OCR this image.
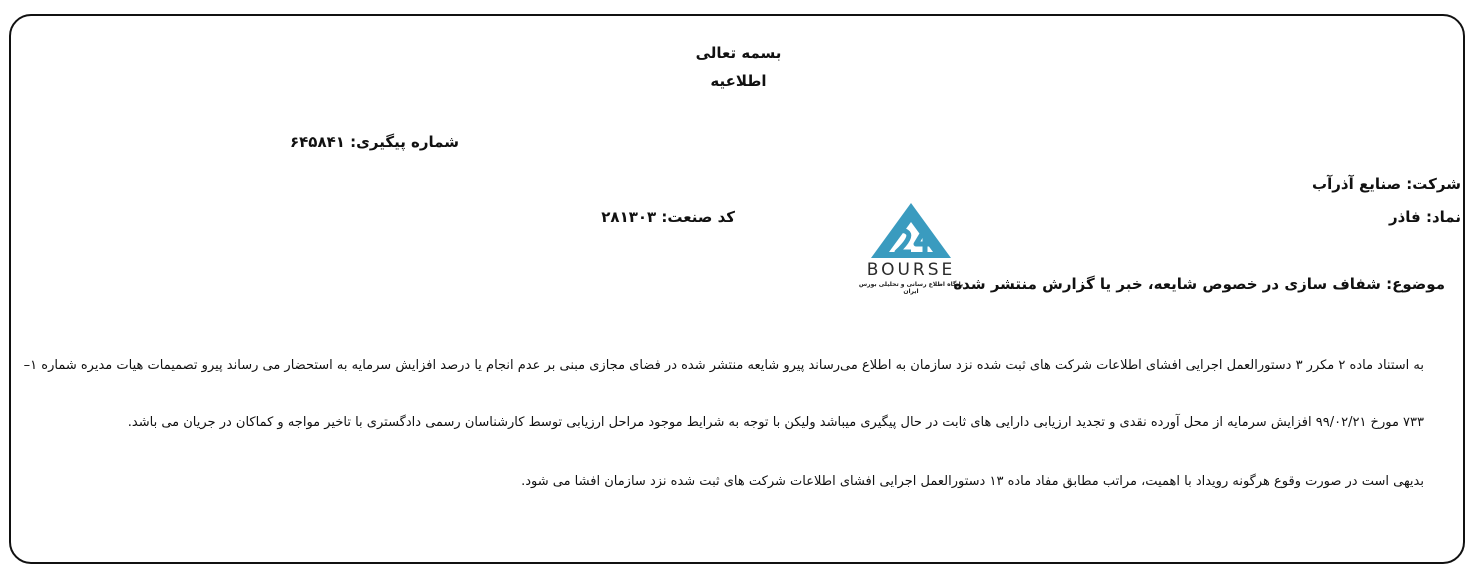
بسمه تعالی
اطلاعیه
شماره پیگیری: ۶۴۵۸۴۱
شرکت: صنایع آذرآب
نماد: فاذر
کد صنعت: ۲۸۱۳۰۳
BOURSE
پایگاه اطلاع رسانی و تحلیلی بورس ایران	موضوع: شفاف سازی در خصوص شایعه، خبر یا گزارش منتشر شده
به استناد ماده ۲ مکرر ۳ دستورالعمل اجرایی افشای اطلاعات شرکت های ثبت شده نزد سازمان به اطلاع می‌رساند پیرو شایعه منتشر شده در فضای مجازی مبنی بر عدم انجام یا درصد افزایش سرمایه به استحضار می رساند پیرو تصمیمات هیات مدیره شماره ۱–
۷۳۳ مورخ ۹۹/۰۲/۲۱ افزایش سرمایه از محل آورده نقدی و تجدید ارزیابی دارایی های ثابت در حال پیگیری میباشد ولیکن با توجه به شرایط موجود مراحل ارزیابی توسط کارشناسان رسمی دادگستری با تاخیر مواجه و کماکان در جریان می باشد.
بدیهی است در صورت وقوع هرگونه رویداد با اهمیت، مراتب مطابق مفاد ماده ۱۳ دستورالعمل اجرایی افشای اطلاعات شرکت های ثبت شده نزد سازمان افشا می شود.
